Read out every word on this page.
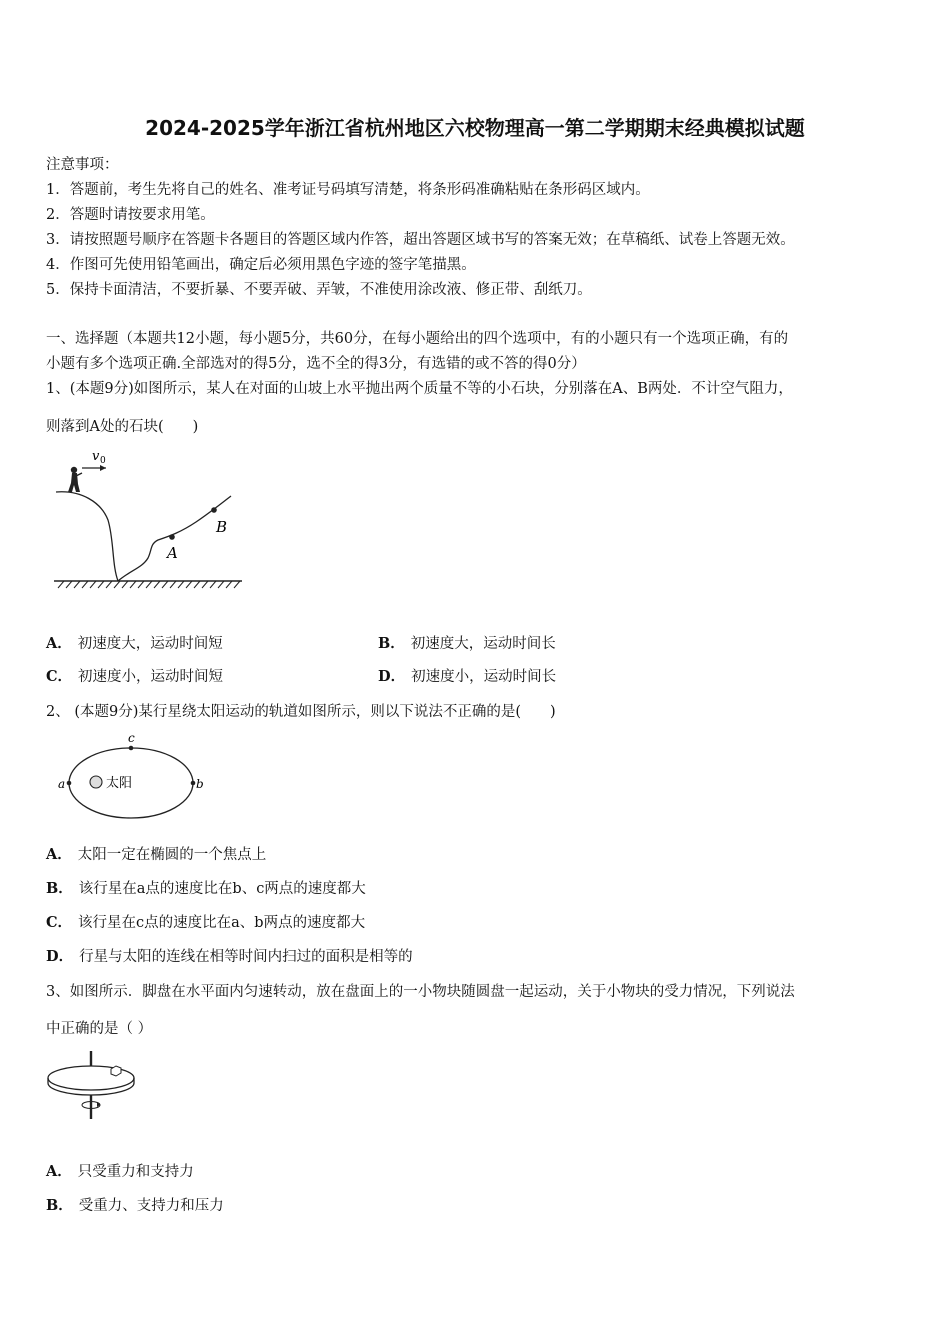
2024-2025学年浙江省杭州地区六校物理高一第二学期期末经典模拟试题
注意事项：
1．答题前，考生先将自己的姓名、准考证号码填写清楚，将条形码准确粘贴在条形码区域内。
2．答题时请按要求用笔。
3．请按照题号顺序在答题卡各题目的答题区域内作答，超出答题区域书写的答案无效；在草稿纸、试卷上答题无效。
4．作图可先使用铅笔画出，确定后必须用黑色字迹的签字笔描黑。
5．保持卡面清洁，不要折暴、不要弄破、弄皱，不准使用涂改液、修正带、刮纸刀。
一、选择题（本题共12小题，每小题5分，共60分，在每小题给出的四个选项中，有的小题只有一个选项正确，有的
小题有多个选项正确.全部选对的得5分，选不全的得3分，有选错的或不答的得0分）
1、(本题9分)如图所示，某人在对面的山坡上水平抛出两个质量不等的小石块，分别落在A、B两处．不计空气阻力，
则落到A处的石块(　　)
v 0
A
B
A． 初速度大，运动时间短	B． 初速度大，运动时间长
C． 初速度小，运动时间短	D． 初速度小，运动时间长
2、 (本题9分)某行星绕太阳运动的轨道如图所示，则以下说法不正确的是(　　)
a	b
c
太阳
A． 太阳一定在椭圆的一个焦点上
B． 该行星在a点的速度比在b、c两点的速度都大
C． 该行星在c点的速度比在a、b两点的速度都大
D． 行星与太阳的连线在相等时间内扫过的面积是相等的
3、如图所示．脚盘在水平面内匀速转动，放在盘面上的一小物块随圆盘一起运动，关于小物块的受力情况，下列说法
中正确的是（ ）
A． 只受重力和支持力
B． 受重力、支持力和压力
